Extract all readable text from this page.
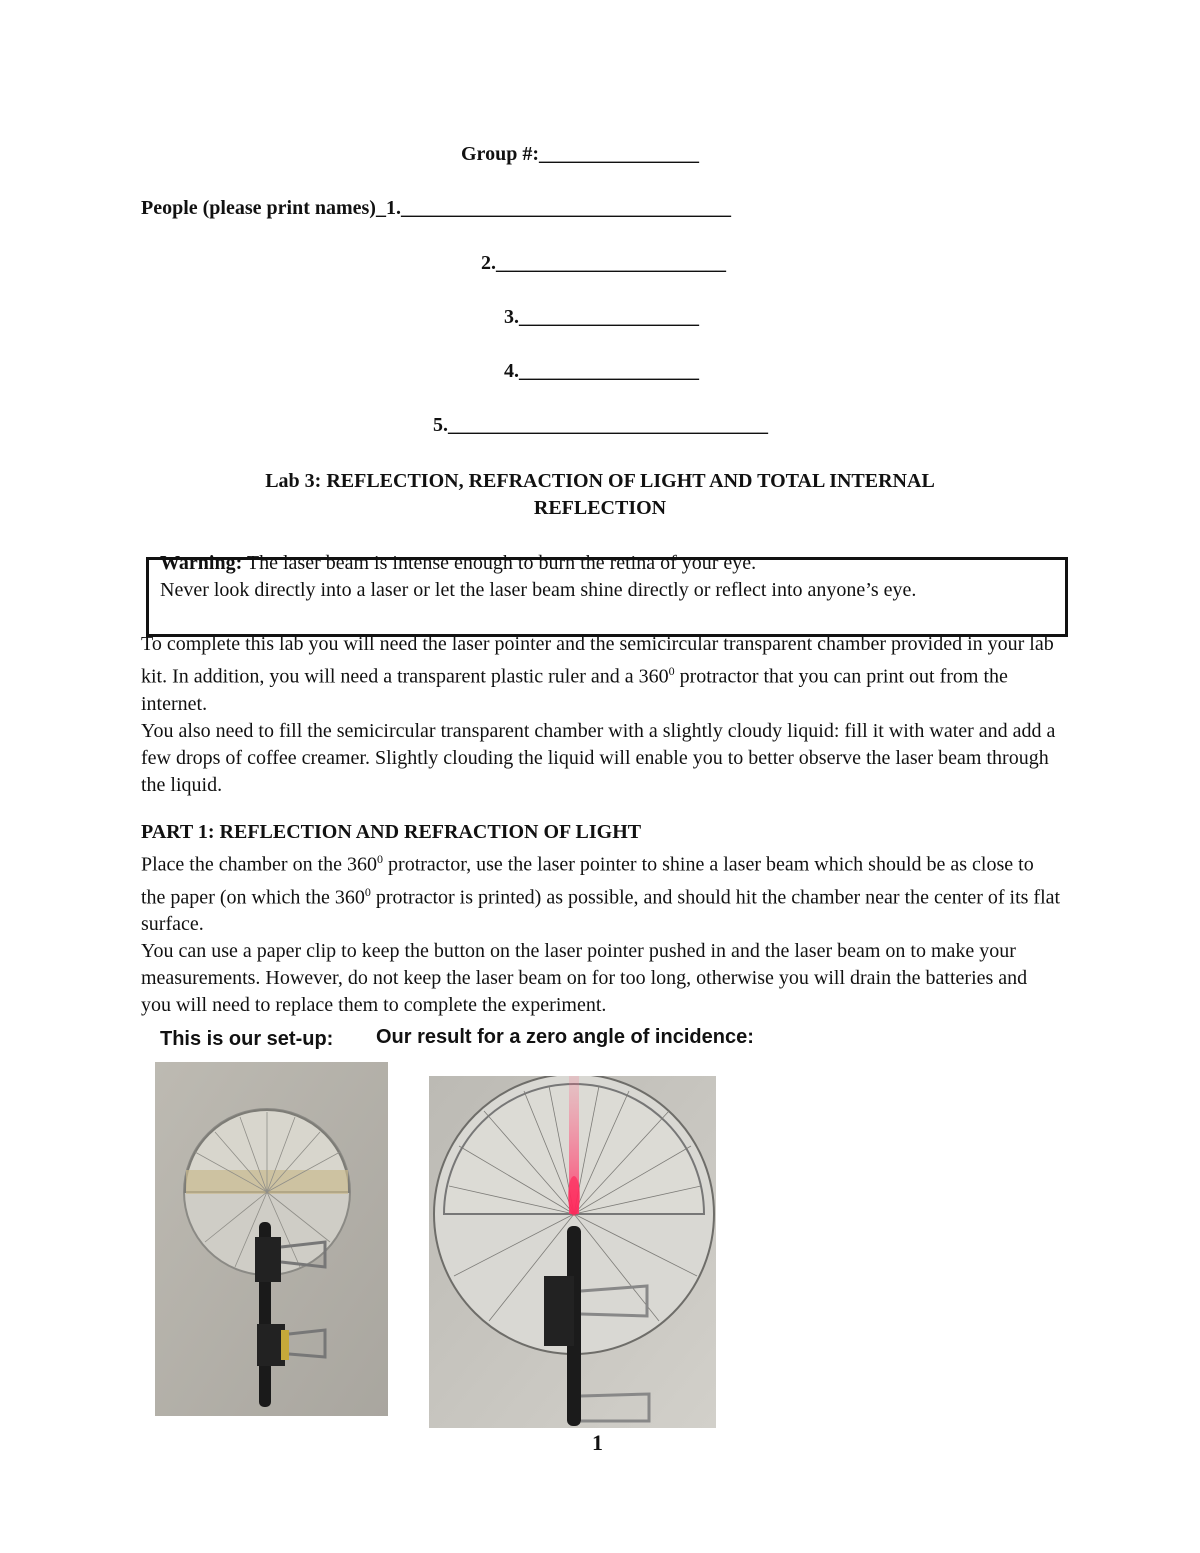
Group #:________________
People (please print names)_1._________________________________
2._______________________
3.__________________
4.__________________
5.________________________________
Lab 3: REFLECTION, REFRACTION OF LIGHT AND TOTAL INTERNAL
REFLECTION
Warning: The laser beam is intense enough to burn the retina of your eye.
Never look directly into a laser or let the laser beam shine directly or reflect into anyone’s eye.

To complete this lab you will need the laser pointer and the semicircular transparent chamber provided in your lab kit. In addition, you will need a transparent plastic ruler and a $360^0$ protractor that you can print out from the internet.

You also need to fill the semicircular transparent chamber with a slightly cloudy liquid: fill it with water and add a few drops of coffee creamer. Slightly clouding the liquid will enable you to better observe the laser beam through the liquid.

PART 1: REFLECTION AND REFRACTION OF LIGHT

Place the chamber on the $360^0$ protractor, use the laser pointer to shine a laser beam which should be as close to the paper (on which the $360^0$ protractor is printed) as possible, and should hit the chamber near the center of its flat surface.

You can use a paper clip to keep the button on the laser pointer pushed in and the laser beam on to make your measurements. However, do not keep the laser beam on for too long, otherwise you will drain the batteries and you will need to replace them to complete the experiment.

This is our set-up: Our result for a zero angle of incidence:
1
